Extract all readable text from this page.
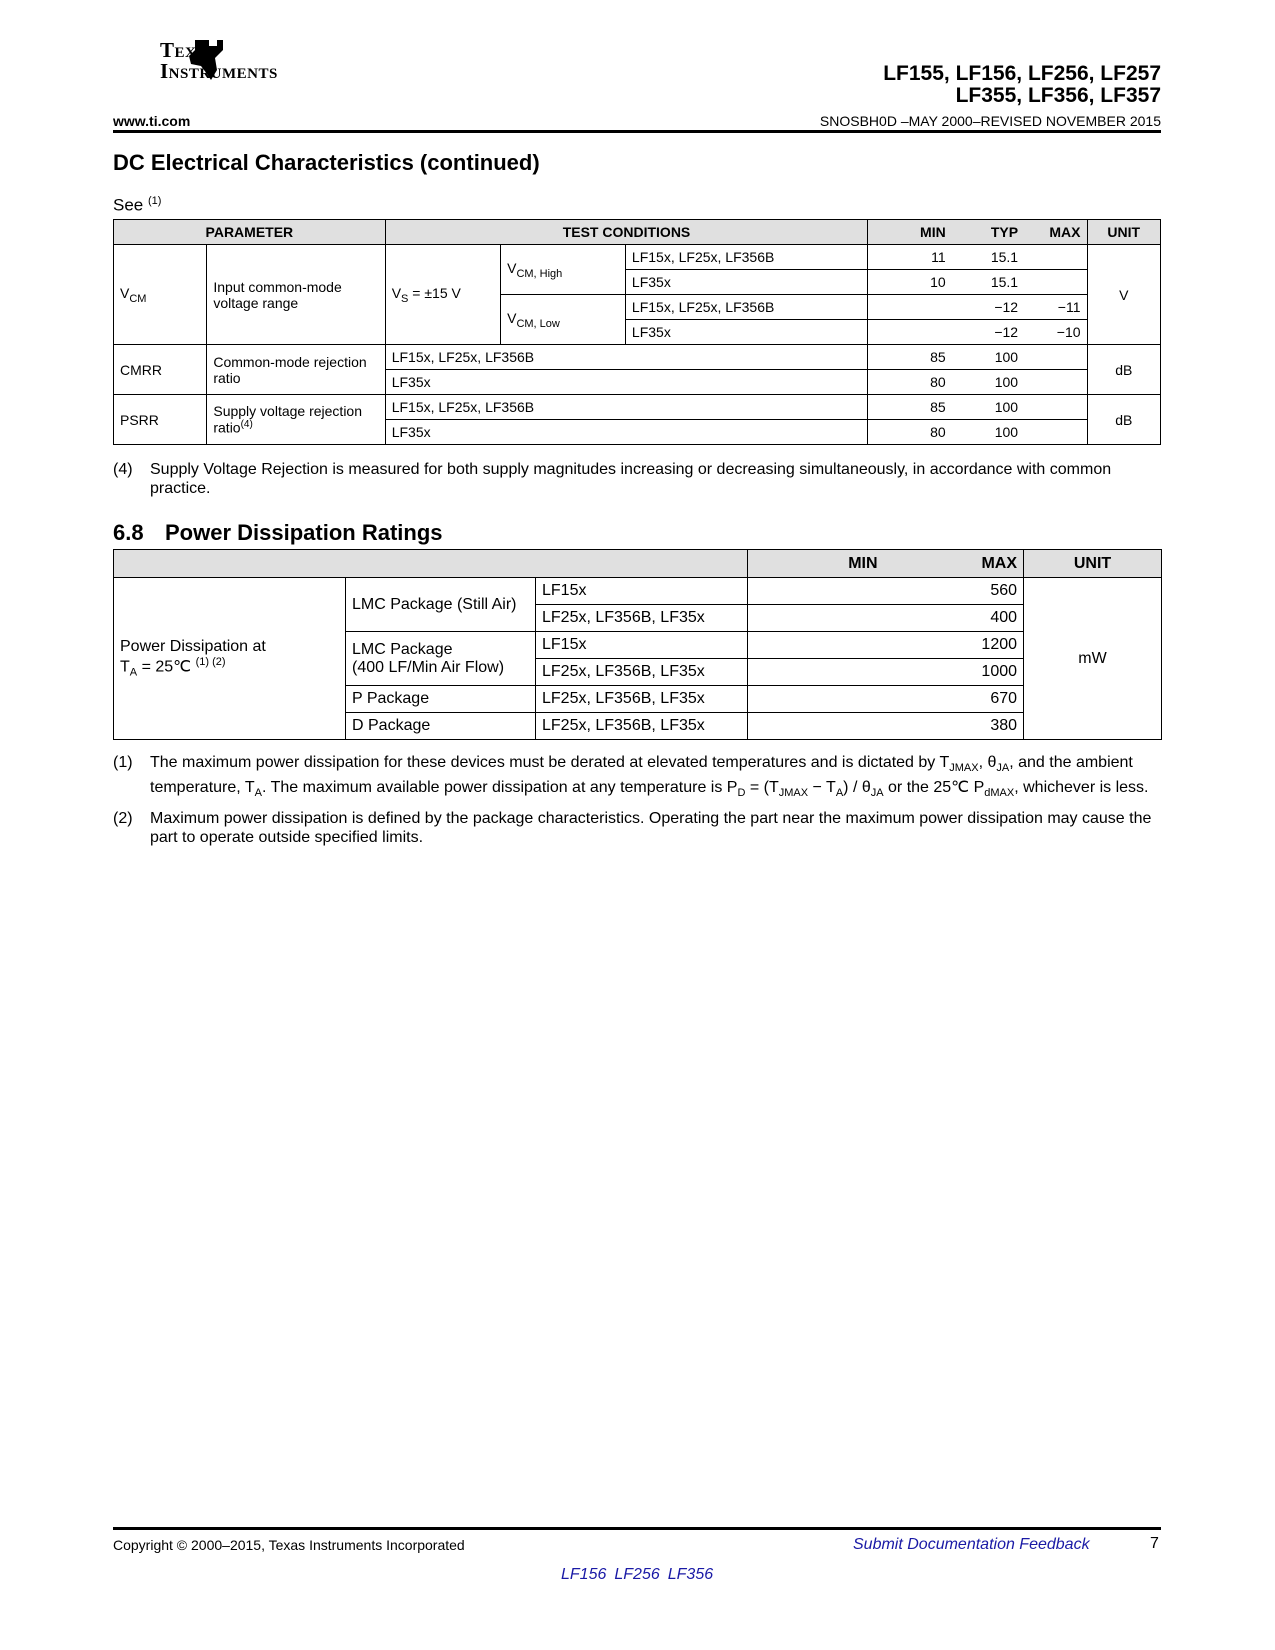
Texas
Instruments	LF155, LF156, LF256, LF257
LF355, LF356, LF357
www.ti.com	SNOSBH0D –MAY 2000–REVISED NOVEMBER 2015
DC Electrical Characteristics (continued)
See $^{(1)}$
PARAMETER		TEST CONDITIONS			MIN	TYP	MAX	UNIT
$V_{CM}$	Input common-mode voltage range	$V_S = \pm 15$ V	$V_{CM, High}$	LF15x, LF25x, LF356B	11	15.1		V
				LF35x	10	15.1		
			$V_{CM, Low}$	LF15x, LF25x, LF356B		−12	−11	
				LF35x		−12	−10	
CMRR	Common-mode rejection ratio	LF15x, LF25x, LF356B			85	100		dB
		LF35x			80	100		
PSRR	Supply voltage rejection ratio$^{(4)}$	LF15x, LF25x, LF356B			85	100		dB
		LF35x			80	100		
(4) Supply Voltage Rejection is measured for both supply magnitudes increasing or decreasing simultaneously, in accordance with common practice.
6.8 Power Dissipation Ratings
			MIN	MAX	UNIT

Power Dissipation at
$T_A$ = 25℃ $^{(1) (2)}$	LMC Package (Still Air)	LF15x		560	mW
		LF25x, LF356B, LF35x		400	

	LMC Package
(400 LF/Min Air Flow)	LF15x		1200	
		LF25x, LF356B, LF35x		1000	
	P Package	LF25x, LF356B, LF35x		670	
	D Package	LF25x, LF356B, LF35x		380	
(1) The maximum power dissipation for these devices must be derated at elevated temperatures and is dictated by $T_{JMAX}$, $\theta_{JA}$, and the ambient temperature, $T_A$. The maximum available power dissipation at any temperature is $P_D = (T_{JMAX} - T_A) / \theta_{JA}$ or the 25℃ $P_{dMAX}$, whichever is less.
(2) Maximum power dissipation is defined by the package characteristics. Operating the part near the maximum power dissipation may cause the part to operate outside specified limits.
Copyright © 2000–2015, Texas Instruments Incorporated	Submit Documentation Feedback	7
LF156 LF256 LF356
